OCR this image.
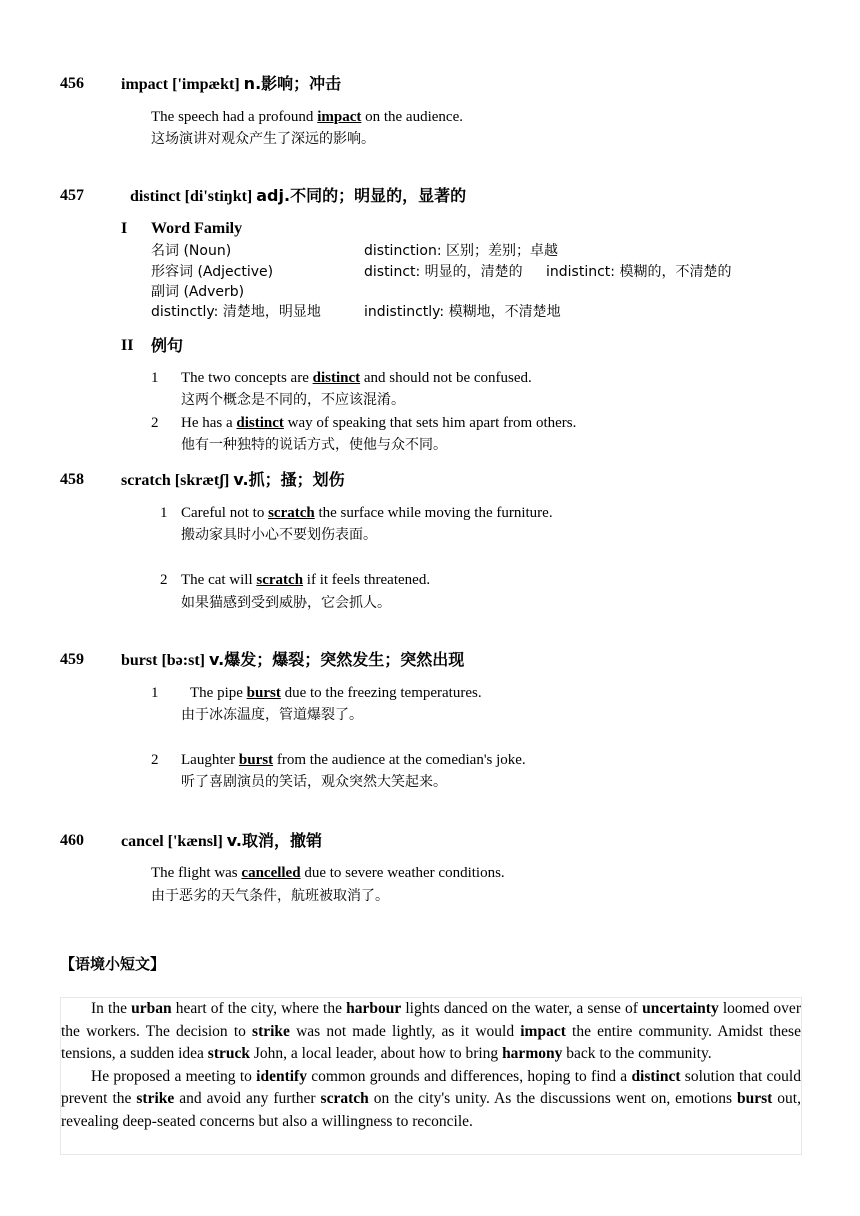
456 impact ['impækt] n.影响；冲击
The speech had a profound impact on the audience.
这场演讲对观众产生了深远的影响。
457	distinct [di'stiŋkt] adj.不同的；明显的，显著的
I Word Family
名词 (Noun)	distinction: 区别；差别；卓越
形容词 (Adjective)	distinct: 明显的，清楚的 indistinct: 模糊的，不清楚的
副词 (Adverb)
distinctly: 清楚地，明显地	indistinctly: 模糊地，不清楚地
II 例句
1 The two concepts are distinct and should not be confused.
这两个概念是不同的，不应该混淆。
2 He has a distinct way of speaking that sets him apart from others.
他有一种独特的说话方式，使他与众不同。
458 scratch [skrætʃ] v.抓；搔；划伤
1 Careful not to scratch the surface while moving the furniture.
搬动家具时小心不要划伤表面。
2 The cat will scratch if it feels threatened.
如果猫感到受到威胁，它会抓人。
459 burst [bə:st] v.爆发；爆裂；突然发生；突然出现
1 The pipe burst due to the freezing temperatures.
由于冰冻温度，管道爆裂了。
2 Laughter burst from the audience at the comedian's joke.
听了喜剧演员的笑话，观众突然大笑起来。
460 cancel ['kænsl] v.取消，撤销
The flight was cancelled due to severe weather conditions.
由于恶劣的天气条件，航班被取消了。
【语境小短文】

In the urban heart of the city, where the harbour lights danced on the water, a sense of uncertainty loomed over the workers. The decision to strike was not made lightly, as it would impact the entire community. Amidst these tensions, a sudden idea struck John, a local leader, about how to bring harmony back to the community.

He proposed a meeting to identify common grounds and differences, hoping to find a distinct solution that could prevent the strike and avoid any further scratch on the city's unity. As the discussions went on, emotions burst out, revealing deep-seated concerns but also a willingness to reconcile.
